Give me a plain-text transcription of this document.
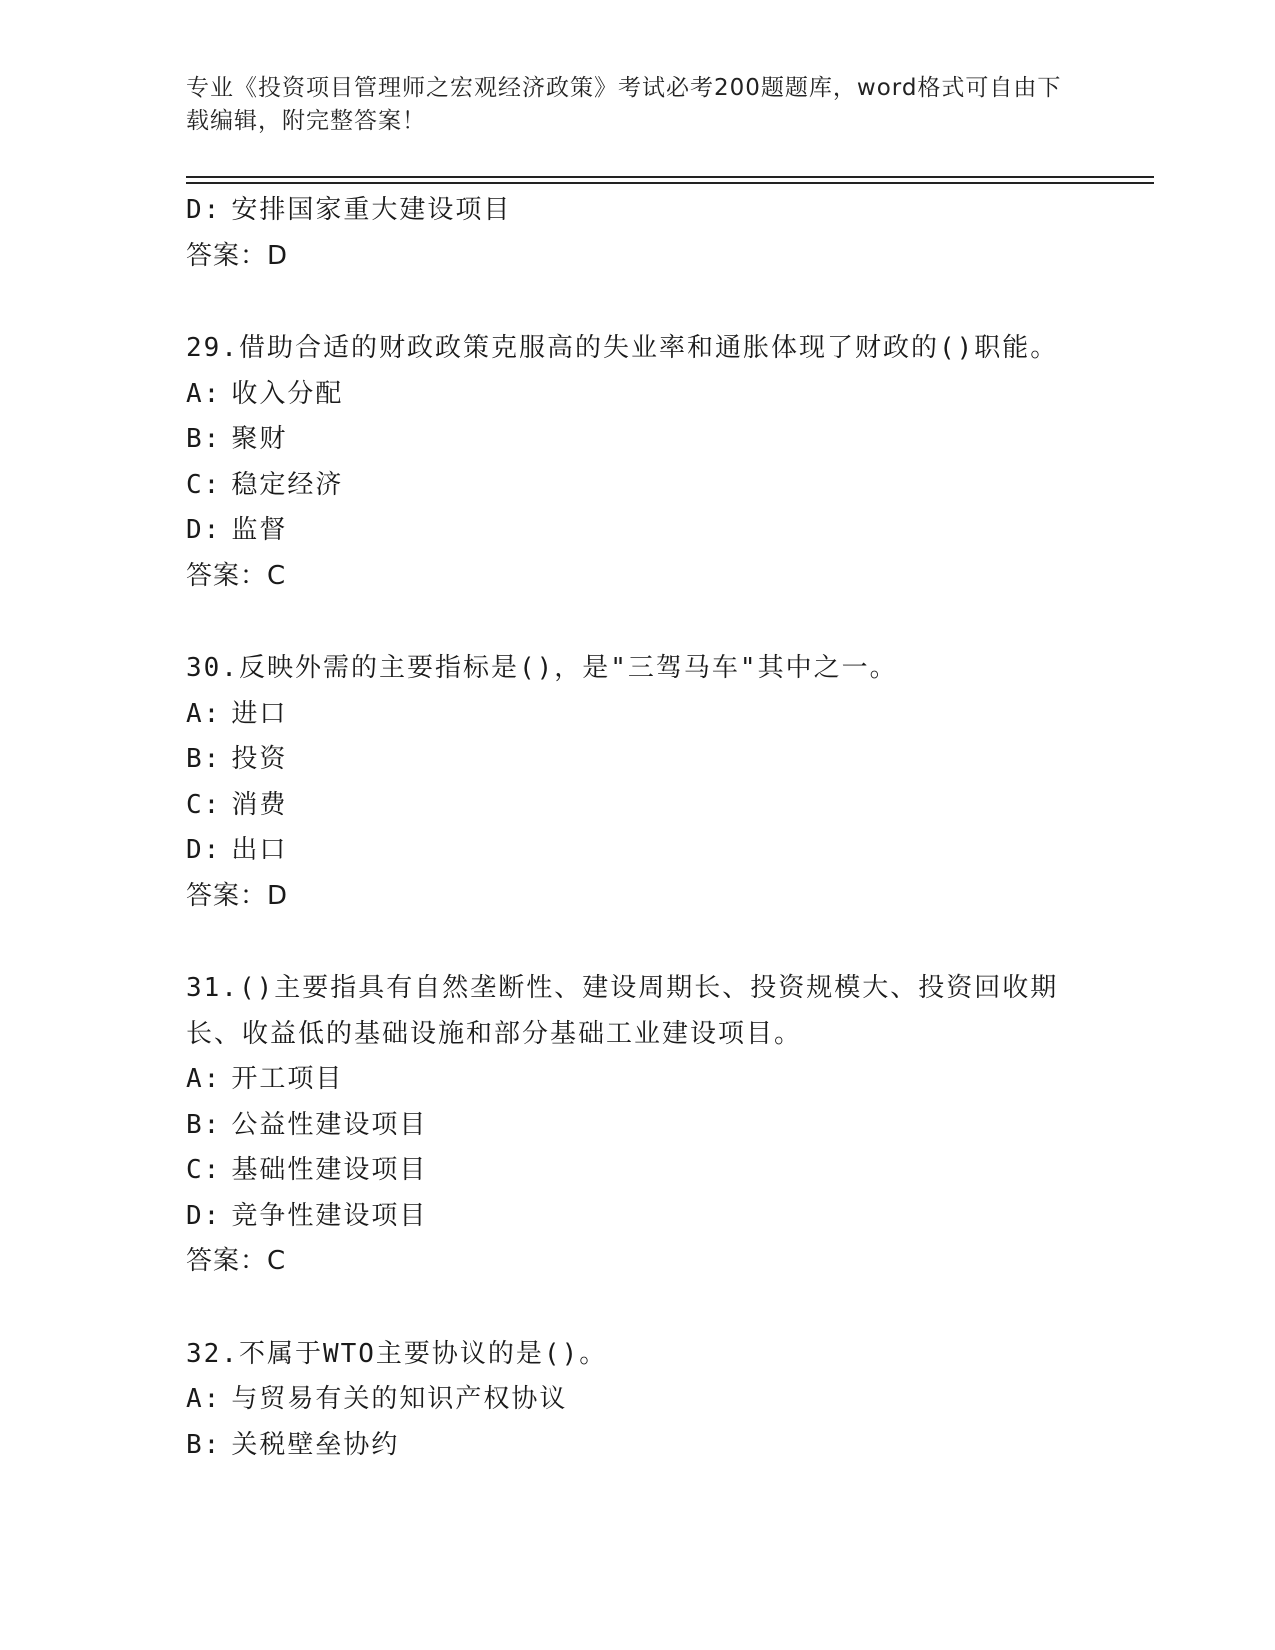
专业《投资项目管理师之宏观经济政策》考试必考200题题库，word格式可自由下载编辑，附完整答案！
D: 安排国家重大建设项目
答案：D
29.借助合适的财政政策克服高的失业率和通胀体现了财政的()职能。
A: 收入分配
B: 聚财
C: 稳定经济
D: 监督
答案：C
30.反映外需的主要指标是()，是"三驾马车"其中之一。
A: 进口
B: 投资
C: 消费
D: 出口
答案：D
31.()主要指具有自然垄断性、建设周期长、投资规模大、投资回收期长、收益低的基础设施和部分基础工业建设项目。
A: 开工项目
B: 公益性建设项目
C: 基础性建设项目
D: 竞争性建设项目
答案：C
32.不属于WTO主要协议的是()。
A: 与贸易有关的知识产权协议
B: 关税壁垒协约
